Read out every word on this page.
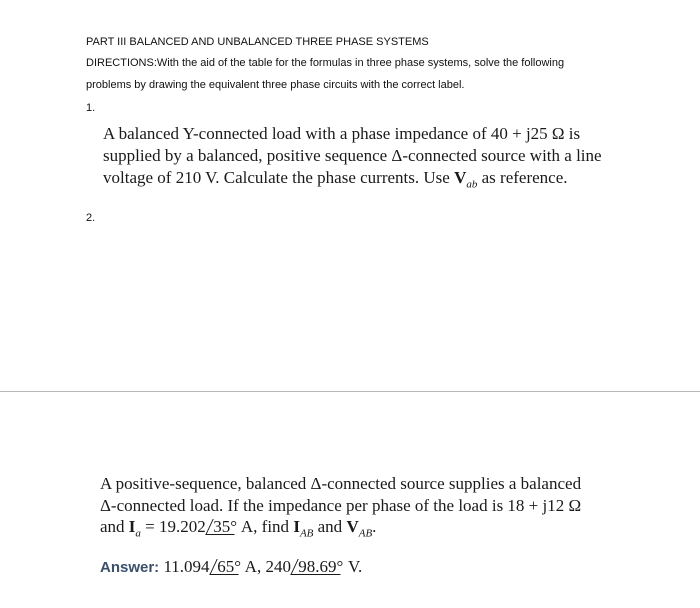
PART III BALANCED AND UNBALANCED THREE PHASE SYSTEMS
DIRECTIONS:With the aid of the table for the formulas in three phase systems, solve the following
problems by drawing the equivalent three phase circuits with the correct label.
1.
A balanced Y-connected load with a phase impedance of 40 + j25 Ω is
supplied by a balanced, positive sequence Δ-connected source with a line
voltage of 210 V. Calculate the phase currents. Use $V_{ab}$ as reference.
2.
A positive-sequence, balanced Δ-connected source supplies a balanced
Δ-connected load. If the impedance per phase of the load is 18 + j12 Ω
and $I_a = 19.202$ 35° A, find $I_{AB}$ and $V_{AB}$.
Answer: 11.094 65° A, 240 98.69° V.
